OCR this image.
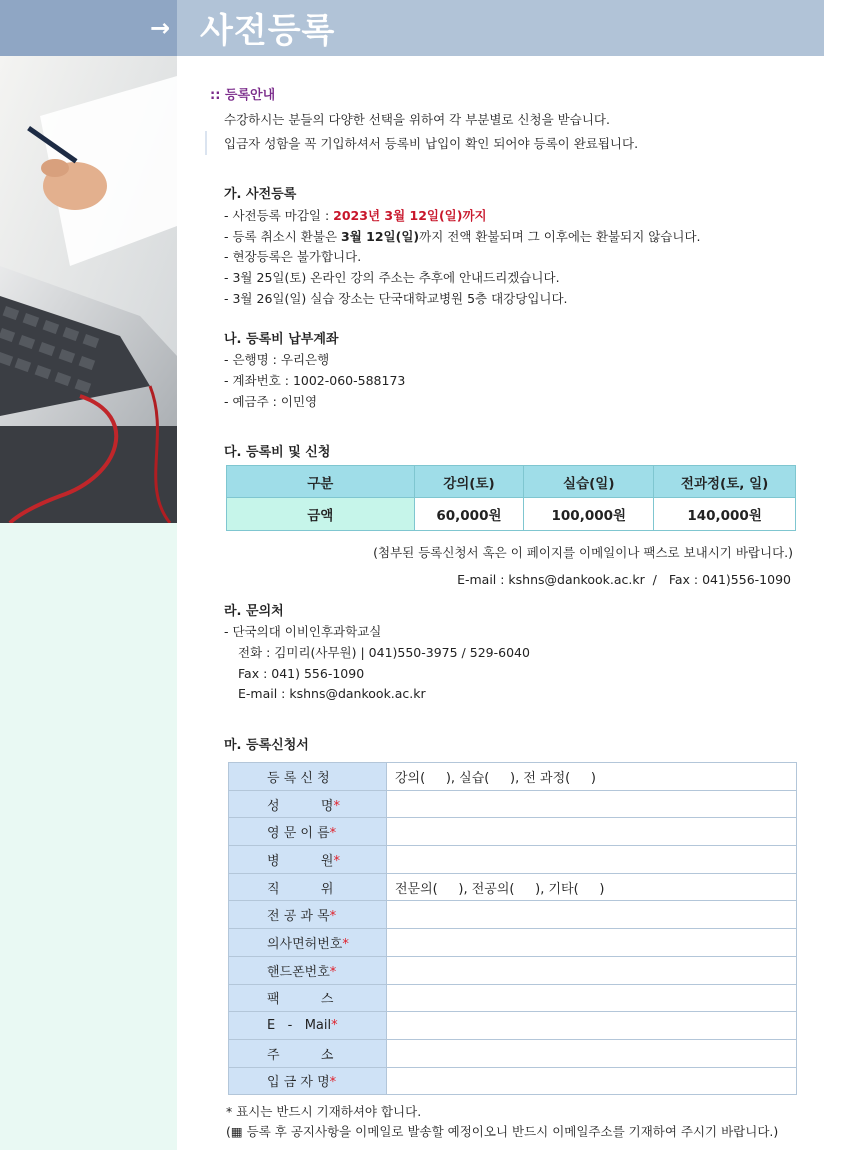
→ 사전등록
:: 등록안내
수강하시는 분들의 다양한 선택을 위하여 각 부분별로 신청을 받습니다.
입금자 성함을 꼭 기입하셔서 등록비 납입이 확인 되어야 등록이 완료됩니다.
가. 사전등록
- 사전등록 마감일 : 2023년 3월 12일(일)까지
- 등록 취소시 환불은 3월 12일(일)까지 전액 환불되며 그 이후에는 환불되지 않습니다.
- 현장등록은 불가합니다.
- 3월 25일(토) 온라인 강의 주소는 추후에 안내드리겠습니다.
- 3월 26일(일) 실습 장소는 단국대학교병원 5층 대강당입니다.
나. 등록비 납부계좌
- 은행명 : 우리은행
- 계좌번호 : 1002-060-588173
- 예금주 : 이민영
다. 등록비 및 신청
구분	강의(토)	실습(일)	전과정(토, 일)
금액	60,000원	100,000원	140,000원
(첨부된 등록신청서 혹은 이 페이지를 이메일이나 팩스로 보내시기 바랍니다.)
E-mail : kshns@dankook.ac.kr  /   Fax : 041)556-1090
라. 문의처
- 단국의대 이비인후과학교실
전화 : 김미리(사무원) | 041)550-3975 / 529-6040
Fax : 041) 556-1090
E-mail : kshns@dankook.ac.kr
마. 등록신청서
등 록 신 청	강의(     ), 실습(     ), 전 과정(     )
성          명*	
영 문 이 름*	
병          원*	
직          위	전문의(     ), 전공의(     ), 기타(     )
전 공 과 목*	
의사면허번호*	
핸드폰번호*	
팩          스	
E   -   Mail*	
주          소	
입 금 자 명*	
* 표시는 반드시 기재하셔야 합니다.
(▦ 등록 후 공지사항을 이메일로 발송할 예정이오니 반드시 이메일주소를 기재하여 주시기 바랍니다.)
